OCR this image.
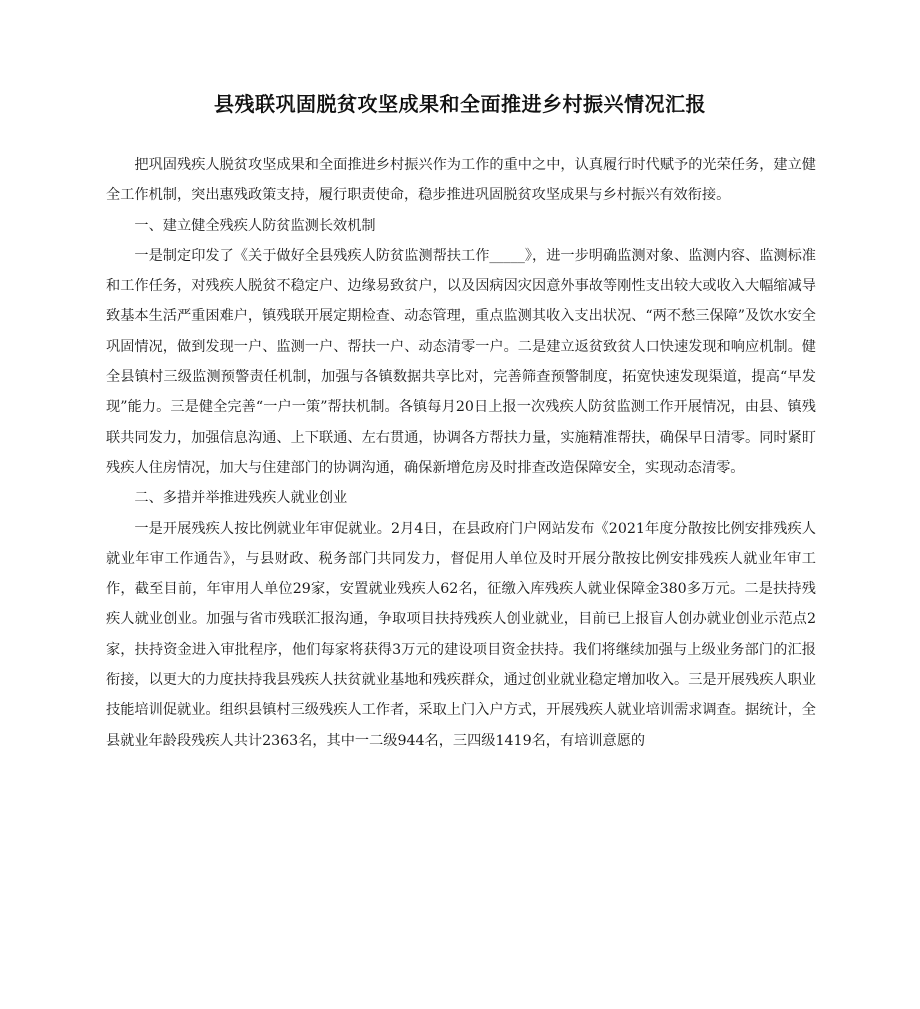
县残联巩固脱贫攻坚成果和全面推进乡村振兴情况汇报

把巩固残疾人脱贫攻坚成果和全面推进乡村振兴作为工作的重中之中，认真履行时代赋予的光荣任务，建立健全工作机制，突出惠残政策支持，履行职责使命，稳步推进巩固脱贫攻坚成果与乡村振兴有效衔接。

一、建立健全残疾人防贫监测长效机制

一是制定印发了《关于做好全县残疾人防贫监测帮扶工作_____》，进一步明确监测对象、监测内容、监测标准和工作任务，对残疾人脱贫不稳定户、边缘易致贫户，以及因病因灾因意外事故等刚性支出较大或收入大幅缩减导致基本生活严重困难户，镇残联开展定期检查、动态管理，重点监测其收入支出状况、“两不愁三保障”及饮水安全巩固情况，做到发现一户、监测一户、帮扶一户、动态清零一户。二是建立返贫致贫人口快速发现和响应机制。健全县镇村三级监测预警责任机制，加强与各镇数据共享比对，完善筛查预警制度，拓宽快速发现渠道，提高“早发现”能力。三是健全完善“一户一策”帮扶机制。各镇每月20日上报一次残疾人防贫监测工作开展情况，由县、镇残联共同发力，加强信息沟通、上下联通、左右贯通，协调各方帮扶力量，实施精准帮扶，确保早日清零。同时紧盯残疾人住房情况，加大与住建部门的协调沟通，确保新增危房及时排查改造保障安全，实现动态清零。

二、多措并举推进残疾人就业创业

一是开展残疾人按比例就业年审促就业。2月4日，在县政府门户网站发布《2021年度分散按比例安排残疾人就业年审工作通告》，与县财政、税务部门共同发力，督促用人单位及时开展分散按比例安排残疾人就业年审工作，截至目前，年审用人单位29家，安置就业残疾人62名，征缴入库残疾人就业保障金380多万元。二是扶持残疾人就业创业。加强与省市残联汇报沟通，争取项目扶持残疾人创业就业，目前已上报盲人创办就业创业示范点2家，扶持资金进入审批程序，他们每家将获得3万元的建设项目资金扶持。我们将继续加强与上级业务部门的汇报衔接，以更大的力度扶持我县残疾人扶贫就业基地和残疾群众，通过创业就业稳定增加收入。三是开展残疾人职业技能培训促就业。组织县镇村三级残疾人工作者，采取上门入户方式，开展残疾人就业培训需求调查。据统计，全县就业年龄段残疾人共计2363名，其中一二级944名，三四级1419名，有培训意愿的
